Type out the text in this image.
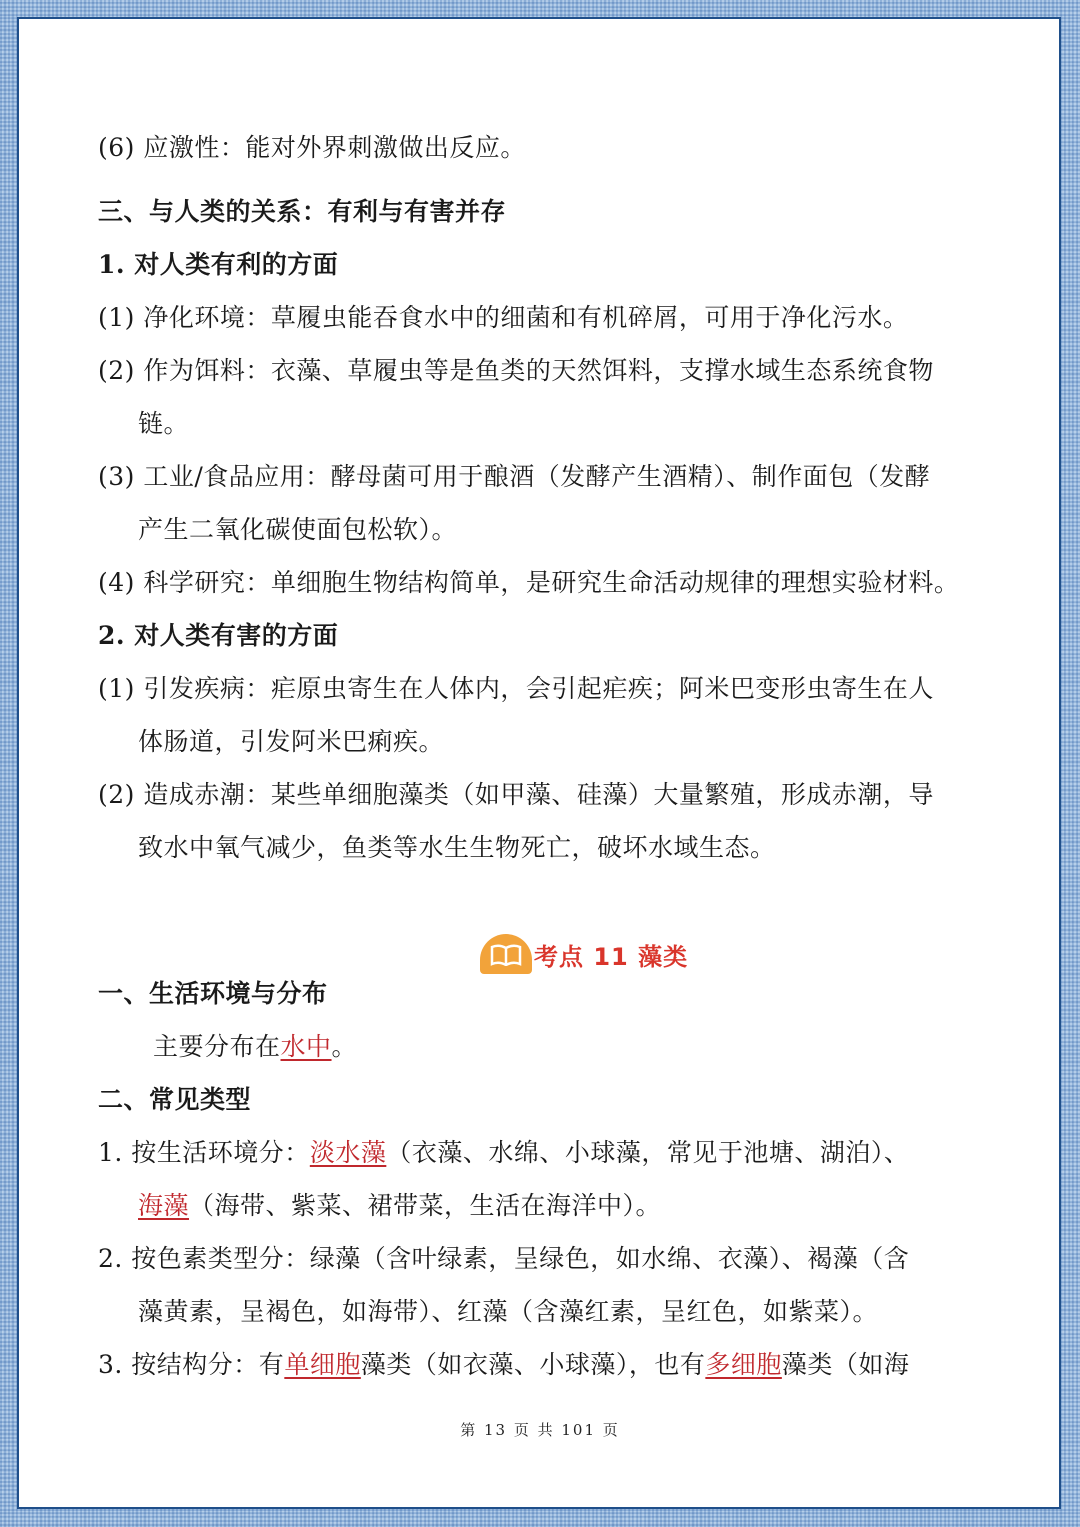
(6) 应激性：能对外界刺激做出反应。
三、与人类的关系：有利与有害并存
1. 对人类有利的方面
(1) 净化环境：草履虫能吞食水中的细菌和有机碎屑，可用于净化污水。
(2) 作为饵料：衣藻、草履虫等是鱼类的天然饵料，支撑水域生态系统食物
链。
(3) 工业/食品应用：酵母菌可用于酿酒（发酵产生酒精）、制作面包（发酵
产生二氧化碳使面包松软）。
(4) 科学研究：单细胞生物结构简单，是研究生命活动规律的理想实验材料。
2. 对人类有害的方面
(1) 引发疾病：疟原虫寄生在人体内，会引起疟疾；阿米巴变形虫寄生在人
体肠道，引发阿米巴痢疾。
(2) 造成赤潮：某些单细胞藻类（如甲藻、硅藻）大量繁殖，形成赤潮，导
致水中氧气减少，鱼类等水生生物死亡，破坏水域生态。
考点 11 藻类
一、生活环境与分布
主要分布在水中。
二、常见类型
1. 按生活环境分：淡水藻（衣藻、水绵、小球藻，常见于池塘、湖泊）、
海藻（海带、紫菜、裙带菜，生活在海洋中）。
2. 按色素类型分：绿藻（含叶绿素，呈绿色，如水绵、衣藻）、褐藻（含
藻黄素，呈褐色，如海带）、红藻（含藻红素，呈红色，如紫菜）。
3. 按结构分：有单细胞藻类（如衣藻、小球藻），也有多细胞藻类（如海
第 13 页 共 101 页
